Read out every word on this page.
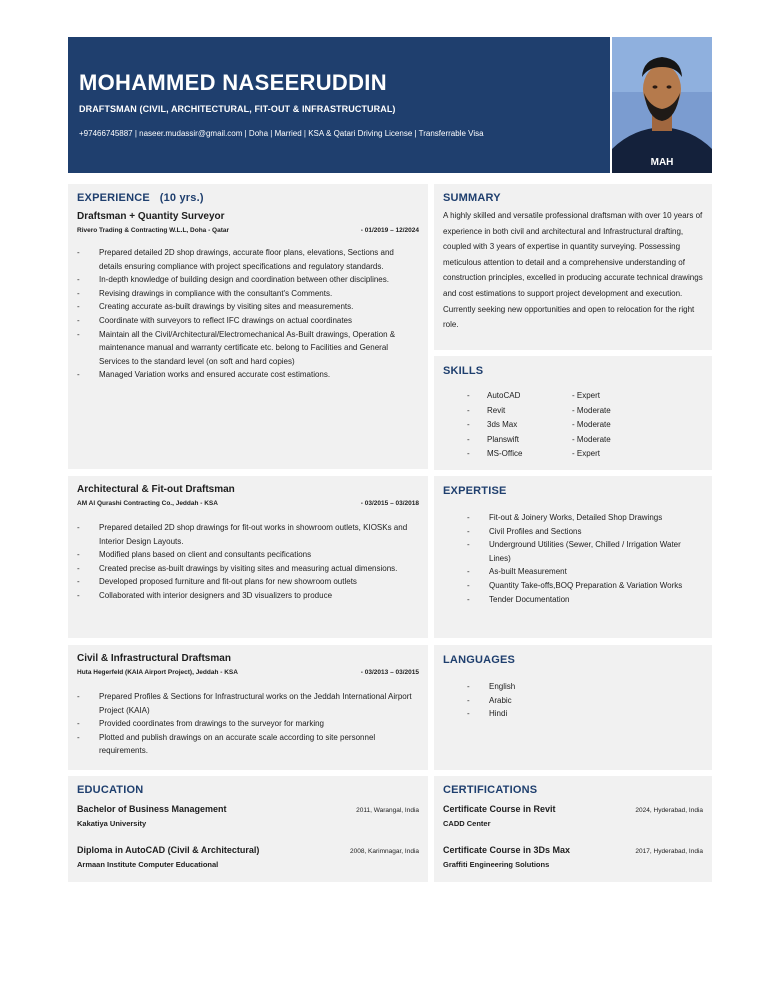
MOHAMMED NASEERUDDIN
DRAFTSMAN (CIVIL, ARCHITECTURAL, FIT-OUT & INFRASTRUCTURAL)
+97466745887 | naseer.mudassir@gmail.com | Doha | Married | KSA & Qatari Driving License | Transferrable Visa
MAH
EXPERIENCE (10 yrs.)
Draftsman + Quantity Surveyor
Rivero Trading & Contracting W.L.L, Doha - Qatar	- 01/2019 – 12/2024
- Prepared detailed 2D shop drawings, accurate floor plans, elevations, Sections and details ensuring compliance with project specifications and regulatory standards.
- In-depth knowledge of building design and coordination between other disciplines.
- Revising drawings in compliance with the consultant's Comments.
- Creating accurate as-built drawings by visiting sites and measurements.
- Coordinate with surveyors to reflect IFC drawings on actual coordinates
- Maintain all the Civil/Architectural/Electromechanical As-Built drawings, Operation & maintenance manual and warranty certificate etc. belong to Facilities and General Services to the standard level (on soft and hard copies)
- Managed Variation works and ensured accurate cost estimations.
Architectural & Fit-out Draftsman
AM Al Qurashi Contracting Co., Jeddah - KSA	- 03/2015 – 03/2018
- Prepared detailed 2D shop drawings for fit-out works in showroom outlets, KIOSKs and Interior Design Layouts.
- Modified plans based on client and consultants pecifications
- Created precise as-built drawings by visiting sites and measuring actual dimensions.
- Developed proposed furniture and fit-out plans for new showroom outlets
- Collaborated with interior designers and 3D visualizers to produce
Civil & Infrastructural Draftsman
Huta Hegerfeld (KAIA Airport Project), Jeddah - KSA	- 03/2013 – 03/2015
- Prepared Profiles & Sections for Infrastructural works on the Jeddah International Airport Project (KAIA)
- Provided coordinates from drawings to the surveyor for marking
- Plotted and publish drawings on an accurate scale according to site personnel requirements.
SUMMARY
A highly skilled and versatile professional draftsman with over 10 years of experience in both civil and architectural and Infrastructural drafting, coupled with 3 years of expertise in quantity surveying. Possessing meticulous attention to detail and a comprehensive understanding of construction principles, excelled in producing accurate technical drawings and cost estimations to support project development and execution. Currently seeking new opportunities and open to relocation for the right role.
SKILLS
-	AutoCAD	- Expert
-	Revit	- Moderate
-	3ds Max	- Moderate
-	Planswift	- Moderate
-	MS-Office	- Expert
EXPERTISE
- Fit-out & Joinery Works, Detailed Shop Drawings
- Civil Profiles and Sections
- Underground Utilities (Sewer, Chilled / Irrigation Water Lines)
- As-built Measurement
- Quantity Take-offs,BOQ Preparation & Variation Works
- Tender Documentation
LANGUAGES
- English
- Arabic
- Hindi
EDUCATION
Bachelor of Business Management	2011, Warangal, India
Kakatiya University
Diploma in AutoCAD (Civil & Architectural)	2008, Karimnagar, India
Armaan Institute Computer Educational
CERTIFICATIONS
Certificate Course in Revit	2024, Hyderabad, India
CADD Center
Certificate Course in 3Ds Max	2017, Hyderabad, India
Graffiti Engineering Solutions
